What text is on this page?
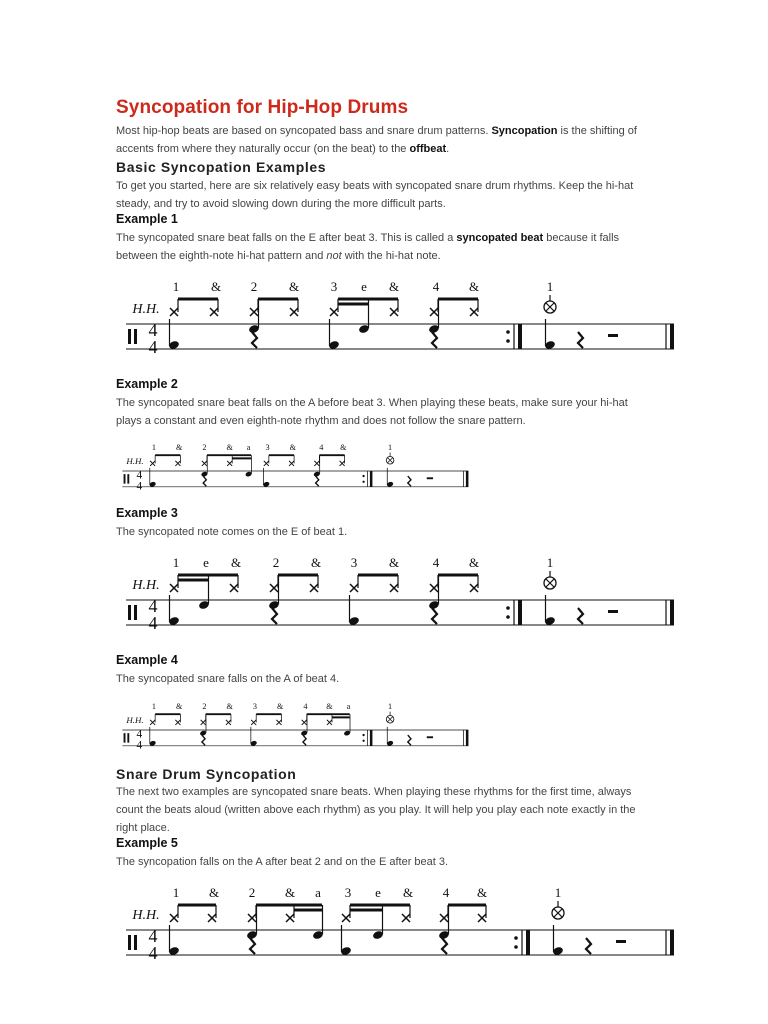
Syncopation for Hip-Hop Drums

Most hip-hop beats are based on syncopated bass and snare drum patterns. Syncopation is the shifting of accents from where they naturally occur (on the beat) to the offbeat.

Basic Syncopation Examples

To get you started, here are six relatively easy beats with syncopated snare drum rhythms. Keep the hi-hat steady, and try to avoid slowing down during the more difficult parts.

Example 1

The syncopated snare beat falls on the E after beat 3. This is called a syncopated beat because it falls between the eighth-note hi-hat pattern and not with the hi-hat note.

H.H.
4
4
1 & 2 & 3 e &	4 &	1
Example 2

The syncopated snare beat falls on the A before beat 3. When playing these beats, make sure your hi-hat plays a constant and even eighth-note rhythm and does not follow the snare pattern.

H.H.
4
4
1 & 2 & a 3 & 4 &	1
Example 3

The syncopated note comes on the E of beat 1.

H.H.
4
4
1 e & 2 & 3 &	4 &	1
Example 4

The syncopated snare falls on the A of beat 4.

H.H.
4
4
1 & 2 & 3 & 4 & a	1
Snare Drum Syncopation

The next two examples are syncopated snare beats. When playing these rhythms for the first time, always count the beats aloud (written above each rhythm) as you play. It will help you play each note exactly in the right place.

Example 5

The syncopation falls on the A after beat 2 and on the E after beat 3.

H.H.
4
4
1 & 2 & a 3 e & 4 &	1
